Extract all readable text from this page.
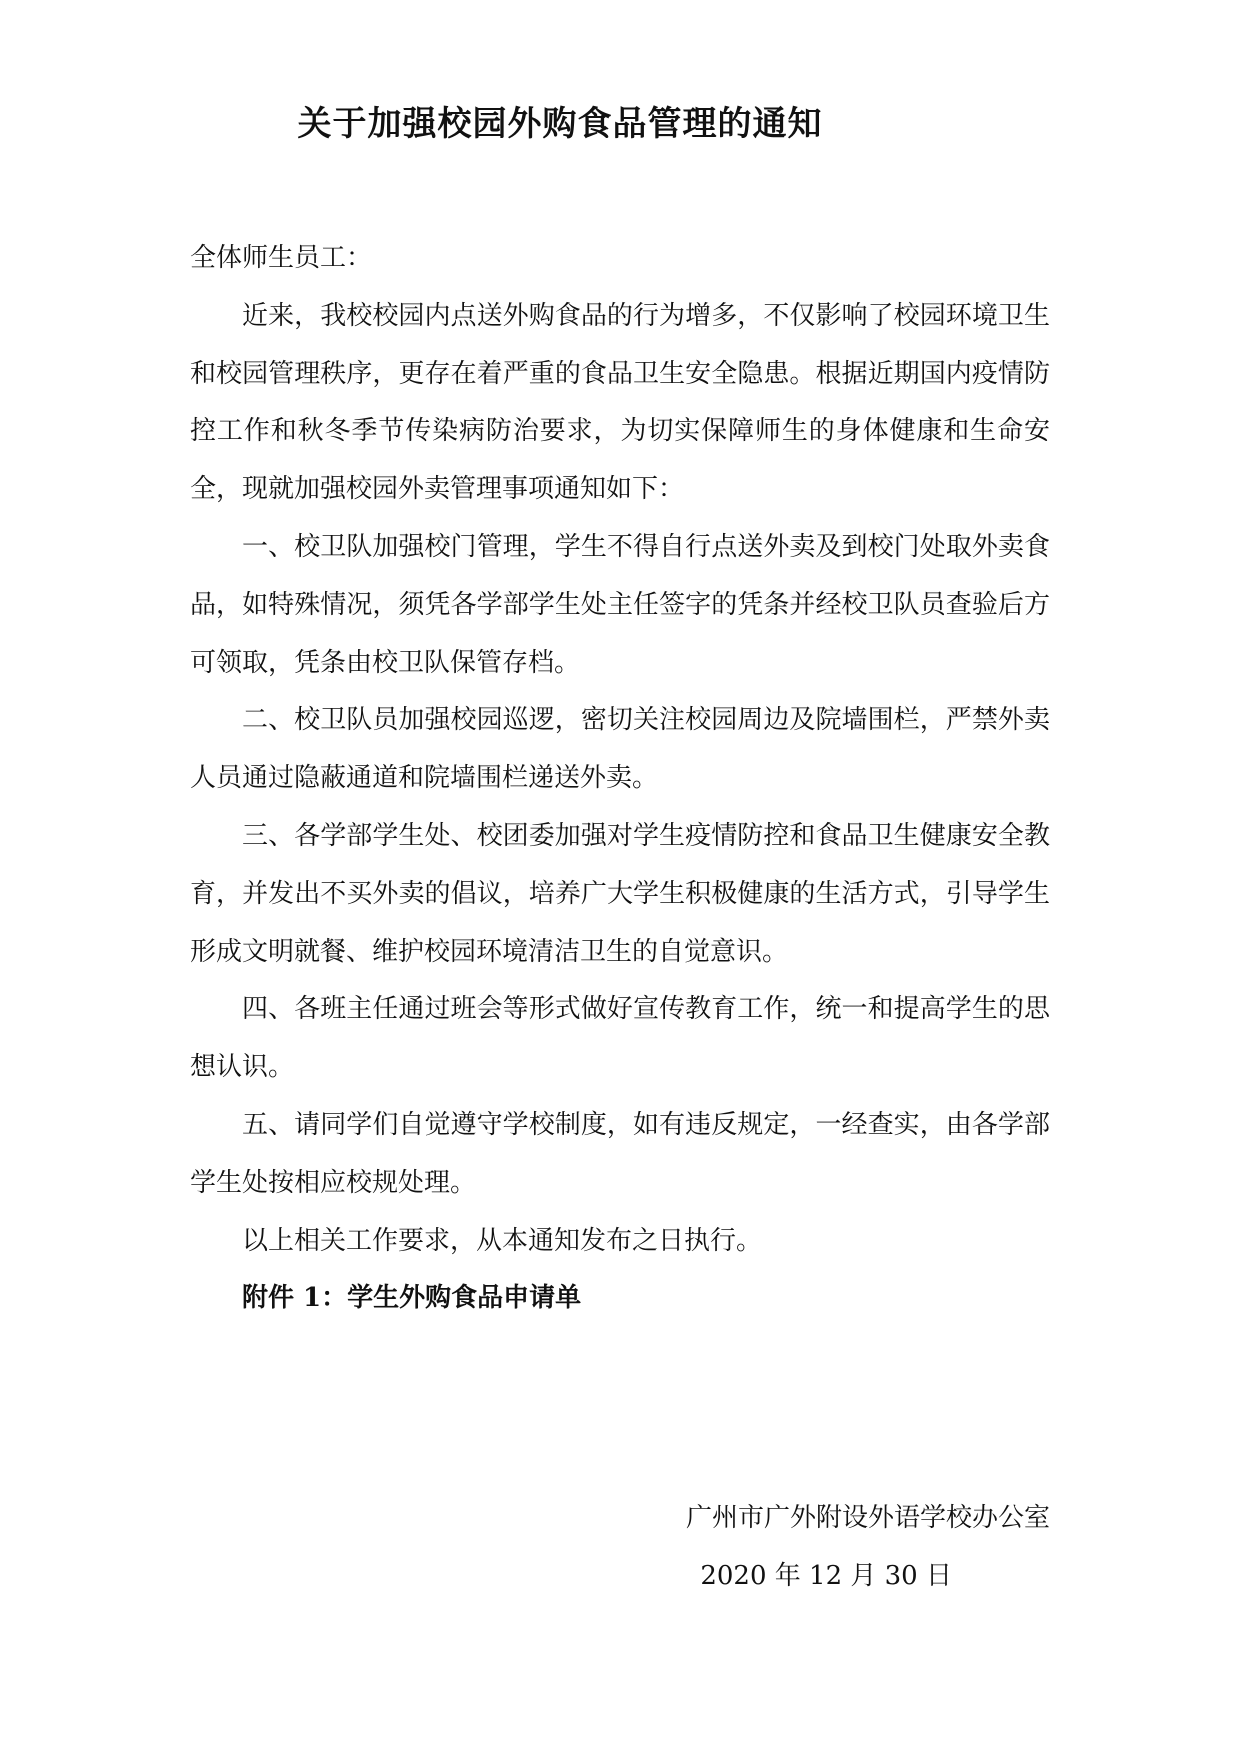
关于加强校园外购食品管理的通知

全体师生员工：

近来，我校校园内点送外购食品的行为增多，不仅影响了校园环境卫生和校园管理秩序，更存在着严重的食品卫生安全隐患。根据近期国内疫情防控工作和秋冬季节传染病防治要求，为切实保障师生的身体健康和生命安全，现就加强校园外卖管理事项通知如下：

一、校卫队加强校门管理，学生不得自行点送外卖及到校门处取外卖食品，如特殊情况，须凭各学部学生处主任签字的凭条并经校卫队员查验后方可领取，凭条由校卫队保管存档。

二、校卫队员加强校园巡逻，密切关注校园周边及院墙围栏，严禁外卖人员通过隐蔽通道和院墙围栏递送外卖。

三、各学部学生处、校团委加强对学生疫情防控和食品卫生健康安全教育，并发出不买外卖的倡议，培养广大学生积极健康的生活方式，引导学生形成文明就餐、维护校园环境清洁卫生的自觉意识。

四、各班主任通过班会等形式做好宣传教育工作，统一和提高学生的思想认识。

五、请同学们自觉遵守学校制度，如有违反规定，一经查实，由各学部学生处按相应校规处理。

以上相关工作要求，从本通知发布之日执行。

附件 1：学生外购食品申请单

广州市广外附设外语学校办公室
2020 年 12 月 30 日
